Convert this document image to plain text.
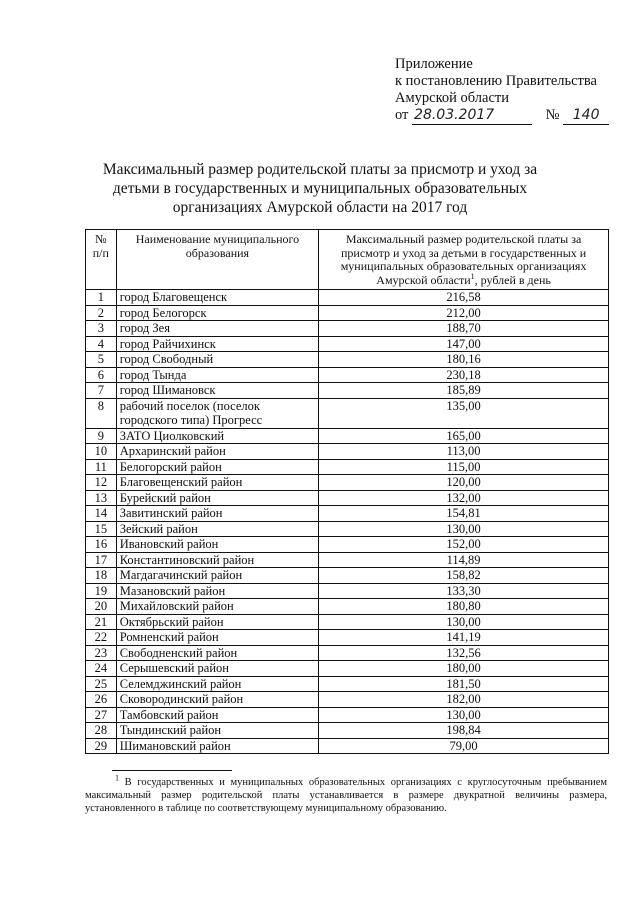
Приложение
к постановлению Правительства
Амурской области
от 28.03.2017	№ 140
Максимальный размер родительской платы за присмотр и уход за детьми в государственных и муниципальных образовательных организациях Амурской области на 2017 год
№
п/п	Наименование муниципального образования	Максимальный размер родительской платы за присмотр и уход за детьми в государственных и муниципальных образовательных организациях Амурской области$^1$, рублей в день
1	город Благовещенск	216,58
2	город Белогорск	212,00
3	город Зея	188,70
4	город Райчихинск	147,00
5	город Свободный	180,16
6	город Тында	230,18
7	город Шимановск	185,89
8	рабочий поселок (поселок городского типа) Прогресс	135,00
9	ЗАТО Циолковский	165,00
10	Архаринский район	113,00
11	Белогорский район	115,00
12	Благовещенский район	120,00
13	Бурейский район	132,00
14	Завитинский район	154,81
15	Зейский район	130,00
16	Ивановский район	152,00
17	Константиновский район	114,89
18	Магдагачинский район	158,82
19	Мазановский район	133,30
20	Михайловский район	180,80
21	Октябрьский район	130,00
22	Ромненский район	141,19
23	Свободненский район	132,56
24	Серышевский район	180,00
25	Селемджинский район	181,50
26	Сковородинский район	182,00
27	Тамбовский район	130,00
28	Тындинский район	198,84
29	Шимановский район	79,00
$^1$ В государственных и муниципальных образовательных организациях с круглосуточным пребыванием максимальный размер родительской платы устанавливается в размере двукратной величины размера, установленного в таблице по соответствующему муниципальному образованию.
